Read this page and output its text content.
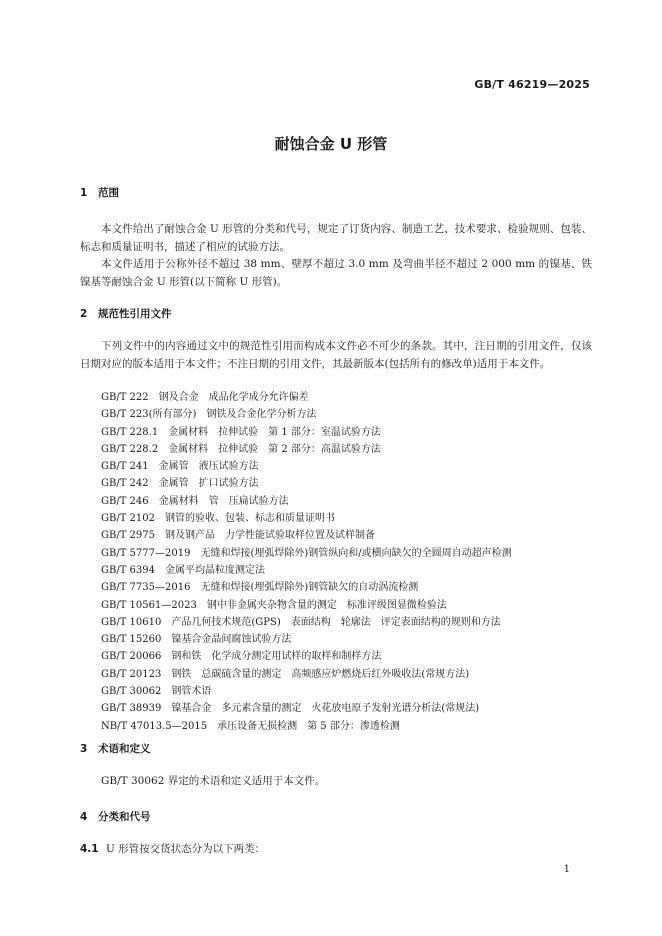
GB/T 46219—2025
耐蚀合金 U 形管
1 范围

本文件给出了耐蚀合金 U 形管的分类和代号，规定了订货内容、制造工艺、技术要求、检验规则、包装、标志和质量证明书，描述了相应的试验方法。

本文件适用于公称外径不超过 38 mm、壁厚不超过 3.0 mm 及弯曲半径不超过 2 000 mm 的镍基、铁镍基等耐蚀合金 U 形管(以下简称 U 形管)。

2 规范性引用文件

下列文件中的内容通过文中的规范性引用而构成本文件必不可少的条款。其中，注日期的引用文件，仅该日期对应的版本适用于本文件；不注日期的引用文件，其最新版本(包括所有的修改单)适用于本文件。

GB/T 222　钢及合金　成品化学成分允许偏差
GB/T 223(所有部分)　钢铁及合金化学分析方法
GB/T 228.1　金属材料　拉伸试验　第 1 部分：室温试验方法
GB/T 228.2　金属材料　拉伸试验　第 2 部分：高温试验方法
GB/T 241　金属管　液压试验方法
GB/T 242　金属管　扩口试验方法
GB/T 246　金属材料　管　压扁试验方法
GB/T 2102　钢管的验收、包装、标志和质量证明书
GB/T 2975　钢及钢产品　力学性能试验取样位置及试样制备
GB/T 5777—2019　无缝和焊接(埋弧焊除外)钢管纵向和/或横向缺欠的全圆周自动超声检测
GB/T 6394　金属平均晶粒度测定法
GB/T 7735—2016　无缝和焊接(埋弧焊除外)钢管缺欠的自动涡流检测
GB/T 10561—2023　钢中非金属夹杂物含量的测定　标准评级图显微检验法
GB/T 10610　产品几何技术规范(GPS)　表面结构　轮廓法　评定表面结构的规则和方法
GB/T 15260　镍基合金晶间腐蚀试验方法
GB/T 20066　钢和铁　化学成分测定用试样的取样和制样方法
GB/T 20123　钢铁　总碳硫含量的测定　高频感应炉燃烧后红外吸收法(常规方法)
GB/T 30062　钢管术语
GB/T 38939　镍基合金　多元素含量的测定　火花放电原子发射光谱分析法(常规法)
NB/T 47013.5—2015　承压设备无损检测　第 5 部分：渗透检测
3 术语和定义

GB/T 30062 界定的术语和定义适用于本文件。

4 分类和代号
4.1 U 形管按交货状态分为以下两类：
1
